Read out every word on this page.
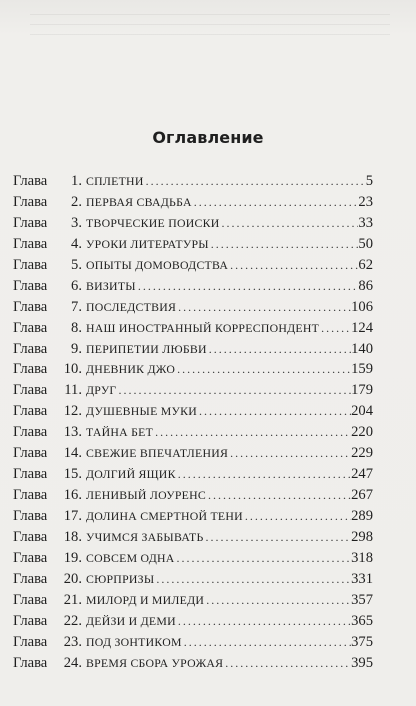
Оглавление
Глава	1. СПЛЕТНИ . . .	5
Глава	2. ПЕРВАЯ СВАДЬБА . . .	23
Глава	3. ТВОРЧЕСКИЕ ПОИСКИ . . .	33
Глава	4. УРОКИ ЛИТЕРАТУРЫ . . .	50
Глава	5. ОПЫТЫ ДОМОВОДСТВА . . .	62
Глава	6. ВИЗИТЫ . . .	86
Глава	7. ПОСЛЕДСТВИЯ . . .	106
Глава	8. НАШ ИНОСТРАННЫЙ КОРРЕСПОНДЕНТ . . . 124
Глава	9. ПЕРИПЕТИИ ЛЮБВИ . . .	140
Глава	10. ДНЕВНИК ДЖО . . .	159
Глава	11. ДРУГ . . .	179
Глава	12. ДУШЕВНЫЕ МУКИ . . .	204
Глава	13. ТАЙНА БЕТ . . .	220
Глава	14. СВЕЖИЕ ВПЕЧАТЛЕНИЯ . . .	229
Глава	15. ДОЛГИЙ ЯЩИК . . .	247
Глава	16. ЛЕНИВЫЙ ЛОУРЕНС . . .	267
Глава	17. ДОЛИНА СМЕРТНОЙ ТЕНИ . . .	289
Глава	18. УЧИМСЯ ЗАБЫВАТЬ . . .	298
Глава	19. СОВСЕМ ОДНА . . .	318
Глава	20. СЮРПРИЗЫ . . .	331
Глава	21. МИЛОРД И МИЛЕДИ . . .	357
Глава	22. ДЕЙЗИ И ДЕМИ . . .	365
Глава	23. ПОД ЗОНТИКОМ . . .	375
Глава	24. ВРЕМЯ СБОРА УРОЖАЯ . . .	395
